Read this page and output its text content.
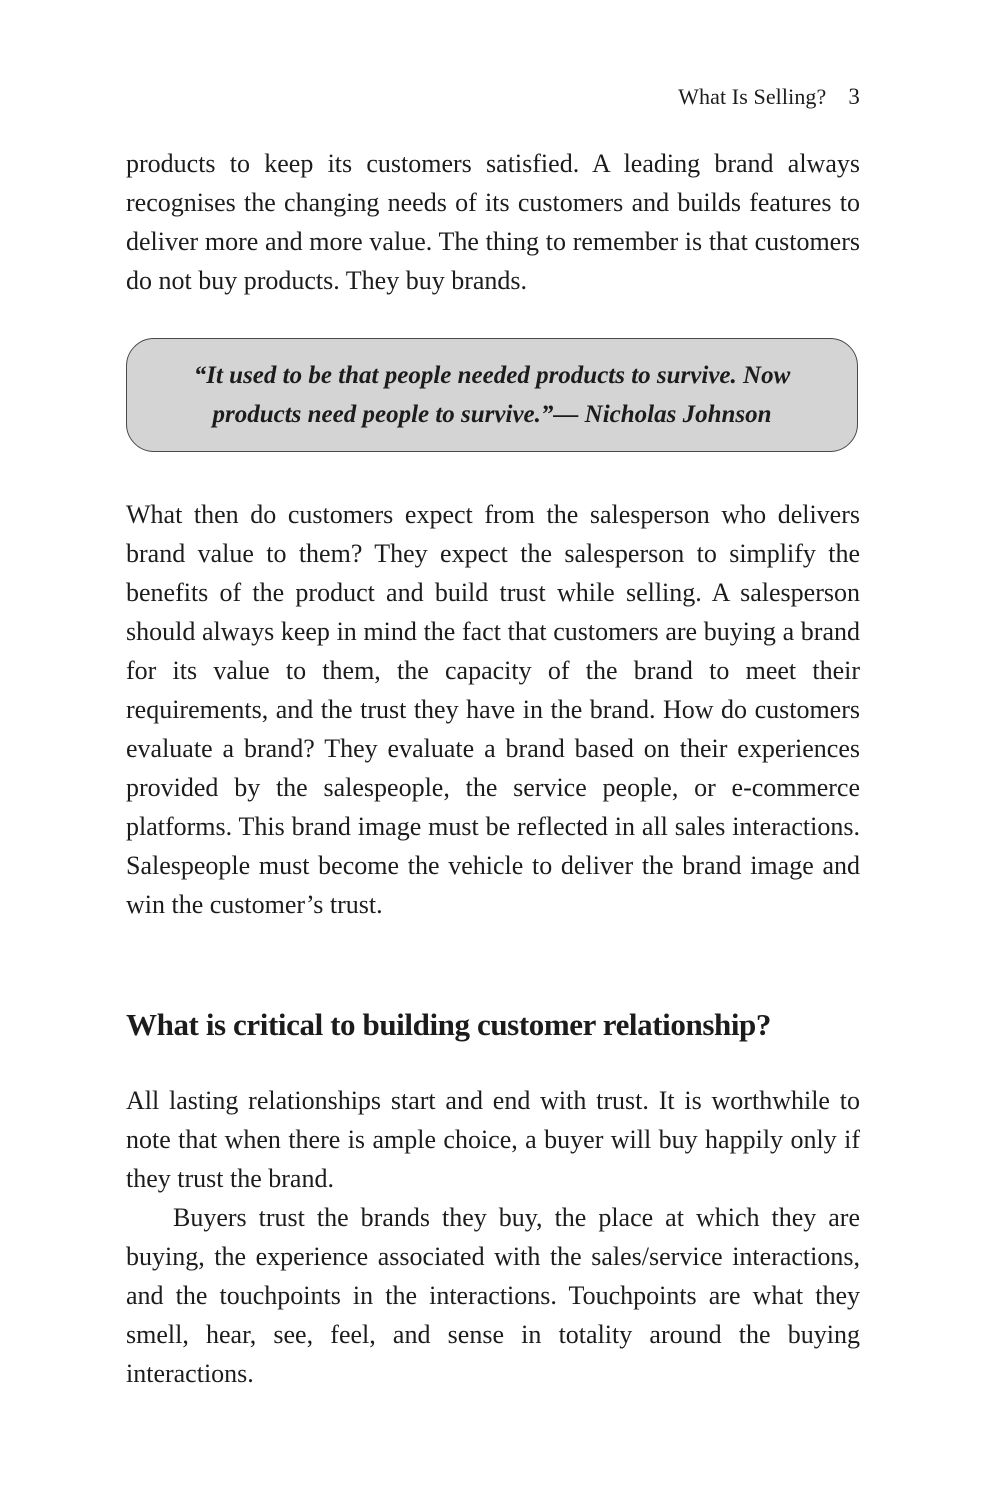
What Is Selling? 3

products to keep its customers satisfied. A leading brand always recognises the changing needs of its customers and builds features to deliver more and more value. The thing to remember is that customers do not buy products. They buy brands.

“It used to be that people needed products to survive. Now products need people to survive.”— Nicholas Johnson

What then do customers expect from the salesperson who delivers brand value to them? They expect the salesperson to simplify the benefits of the product and build trust while selling. A salesperson should always keep in mind the fact that customers are buying a brand for its value to them, the capacity of the brand to meet their requirements, and the trust they have in the brand. How do customers evaluate a brand? They evaluate a brand based on their experiences provided by the salespeople, the service people, or e-commerce platforms. This brand image must be reflected in all sales interactions. Salespeople must become the vehicle to deliver the brand image and win the customer’s trust.

What is critical to building customer relationship?

All lasting relationships start and end with trust. It is worthwhile to note that when there is ample choice, a buyer will buy happily only if they trust the brand.

Buyers trust the brands they buy, the place at which they are buying, the experience associated with the sales/service interactions, and the touchpoints in the interactions. Touchpoints are what they smell, hear, see, feel, and sense in totality around the buying interactions.
